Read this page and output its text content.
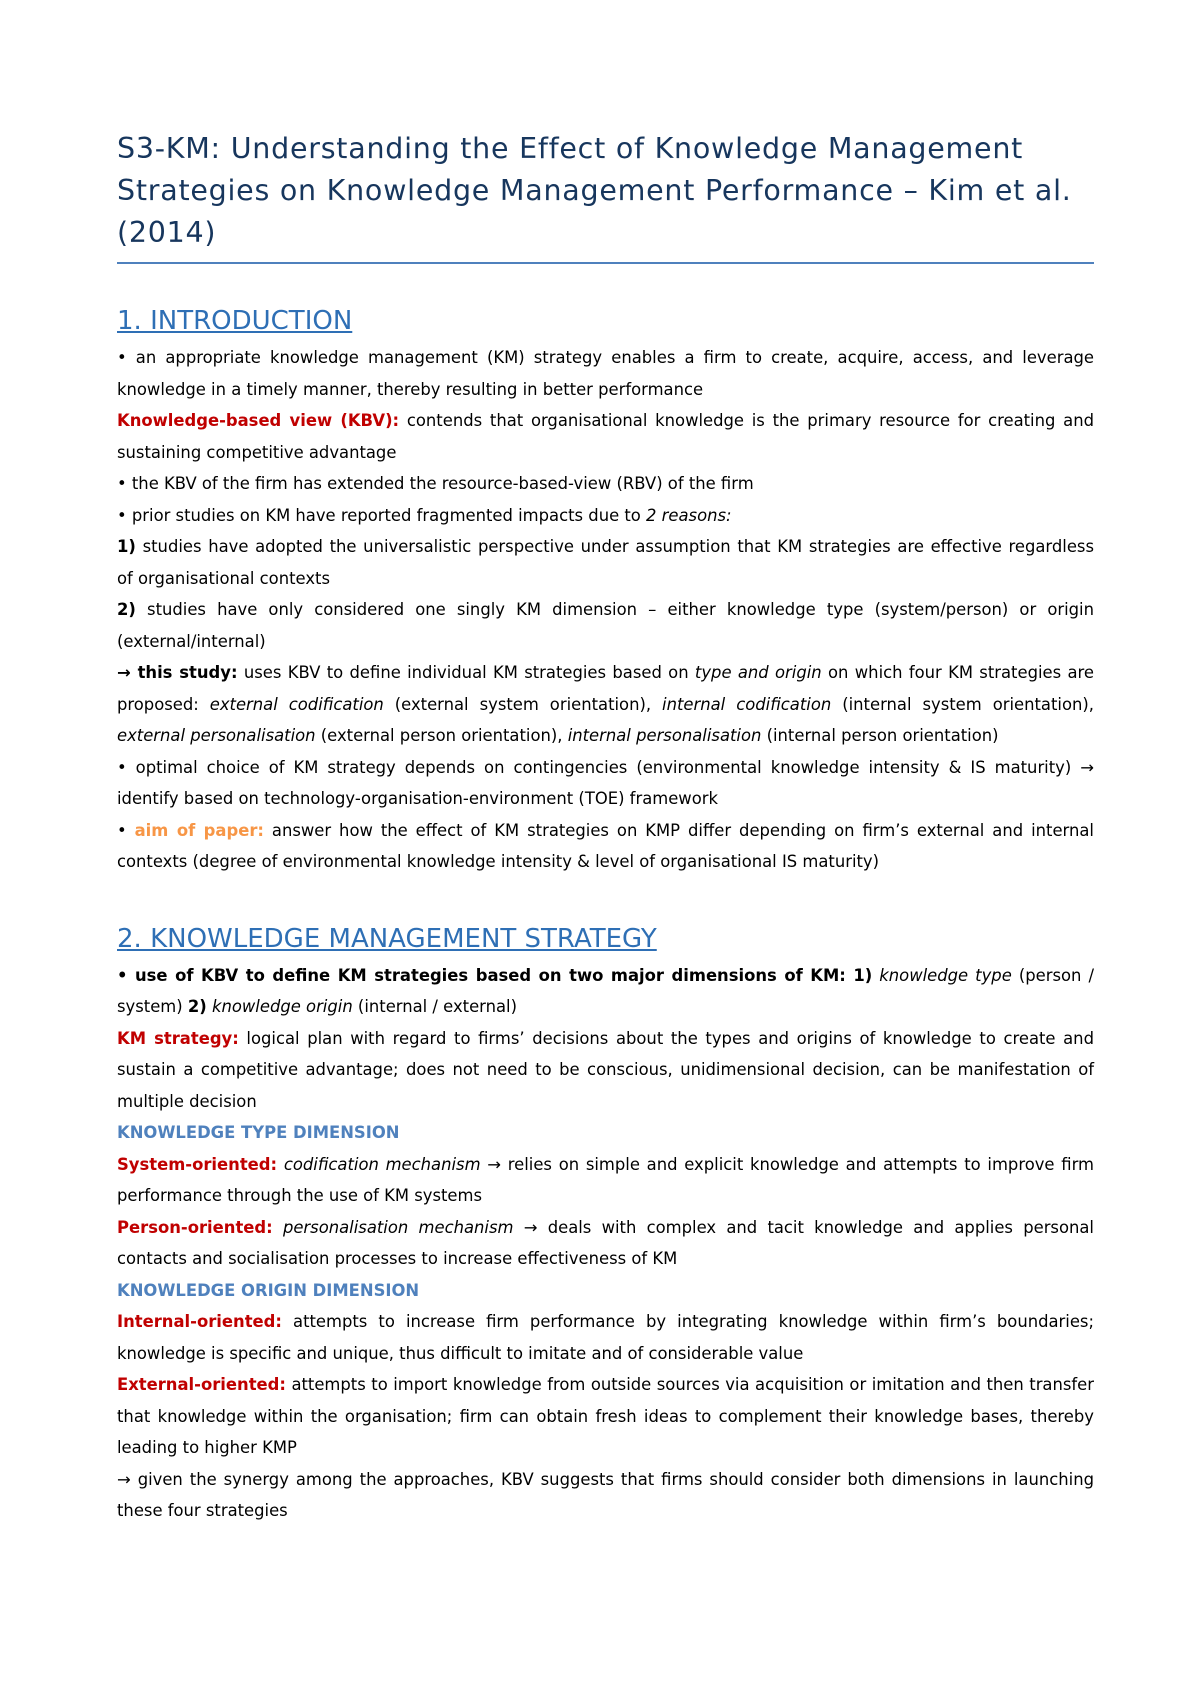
S3-KM: Understanding the Effect of Knowledge Management Strategies on Knowledge Management Performance – Kim et al. (2014)
1. INTRODUCTION

• an appropriate knowledge management (KM) strategy enables a firm to create, acquire, access, and leverage knowledge in a timely manner, thereby resulting in better performance

Knowledge-based view (KBV): contends that organisational knowledge is the primary resource for creating and sustaining competitive advantage

• the KBV of the firm has extended the resource-based-view (RBV) of the firm

• prior studies on KM have reported fragmented impacts due to 2 reasons:

1) studies have adopted the universalistic perspective under assumption that KM strategies are effective regardless of organisational contexts

2) studies have only considered one singly KM dimension – either knowledge type (system/person) or origin (external/internal)

→ this study: uses KBV to define individual KM strategies based on type and origin on which four KM strategies are proposed: external codification (external system orientation), internal codification (internal system orientation), external personalisation (external person orientation), internal personalisation (internal person orientation)

• optimal choice of KM strategy depends on contingencies (environmental knowledge intensity & IS maturity) → identify based on technology-organisation-environment (TOE) framework

• aim of paper: answer how the effect of KM strategies on KMP differ depending on firm’s external and internal contexts (degree of environmental knowledge intensity & level of organisational IS maturity)

2. KNOWLEDGE MANAGEMENT STRATEGY

• use of KBV to define KM strategies based on two major dimensions of KM: 1) knowledge type (person / system) 2) knowledge origin (internal / external)

KM strategy: logical plan with regard to firms’ decisions about the types and origins of knowledge to create and sustain a competitive advantage; does not need to be conscious, unidimensional decision, can be manifestation of multiple decision

KNOWLEDGE TYPE DIMENSION

System-oriented: codification mechanism → relies on simple and explicit knowledge and attempts to improve firm performance through the use of KM systems

Person-oriented: personalisation mechanism → deals with complex and tacit knowledge and applies personal contacts and socialisation processes to increase effectiveness of KM

KNOWLEDGE ORIGIN DIMENSION

Internal-oriented: attempts to increase firm performance by integrating knowledge within firm’s boundaries; knowledge is specific and unique, thus difficult to imitate and of considerable value

External-oriented: attempts to import knowledge from outside sources via acquisition or imitation and then transfer that knowledge within the organisation; firm can obtain fresh ideas to complement their knowledge bases, thereby leading to higher KMP

→ given the synergy among the approaches, KBV suggests that firms should consider both dimensions in launching these four strategies
